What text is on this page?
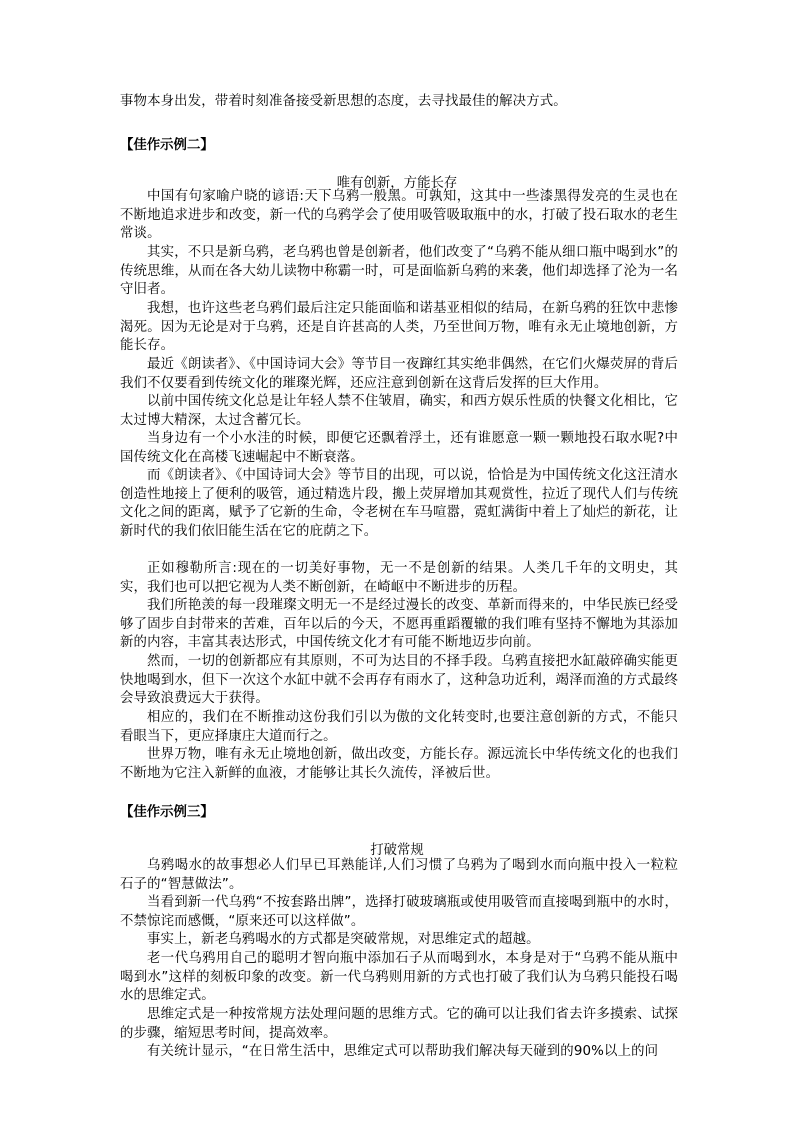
事物本身出发，带着时刻准备接受新思想的态度，去寻找最佳的解决方式。
【佳作示例二】
唯有创新，方能长存
中国有句家喻户晓的谚语:天下乌鸦一般黑。可孰知，这其中一些漆黑得发亮的生灵也在不断地追求进步和改变，新一代的乌鸦学会了使用吸管吸取瓶中的水，打破了投石取水的老生常谈。
其实，不只是新乌鸦，老乌鸦也曾是创新者，他们改变了“乌鸦不能从细口瓶中喝到水”的传统思维，从而在各大幼儿读物中称霸一时，可是面临新乌鸦的来袭，他们却选择了沦为一名守旧者。
我想，也许这些老乌鸦们最后注定只能面临和诺基亚相似的结局，在新乌鸦的狂饮中悲惨渴死。因为无论是对于乌鸦，还是自许甚高的人类，乃至世间万物，唯有永无止境地创新，方能长存。
最近《朗读者》、《中国诗词大会》等节目一夜蹿红其实绝非偶然，在它们火爆荧屏的背后我们不仅要看到传统文化的璀璨光辉，还应注意到创新在这背后发挥的巨大作用。
以前中国传统文化总是让年轻人禁不住皱眉，确实，和西方娱乐性质的快餐文化相比，它太过博大精深，太过含蓄冗长。
当身边有一个小水洼的时候，即便它还飘着浮土，还有谁愿意一颗一颗地投石取水呢?中国传统文化在高楼飞速崛起中不断衰落。
而《朗读者》、《中国诗词大会》等节目的出现，可以说，恰恰是为中国传统文化这汪清水创造性地接上了便利的吸管，通过精选片段，搬上荧屏增加其观赏性，拉近了现代人们与传统文化之间的距离，赋予了它新的生命，令老树在车马喧嚣，霓虹满街中着上了灿烂的新花，让新时代的我们依旧能生活在它的庇荫之下。
正如穆勒所言:现在的一切美好事物，无一不是创新的结果。人类几千年的文明史，其实，我们也可以把它视为人类不断创新，在崎岖中不断进步的历程。
我们所艳羡的每一段璀璨文明无一不是经过漫长的改变、革新而得来的，中华民族已经受够了固步自封带来的苦难，百年以后的今天，不愿再重蹈覆辙的我们唯有坚持不懈地为其添加新的内容，丰富其表达形式，中国传统文化才有可能不断地迈步向前。
然而，一切的创新都应有其原则，不可为达目的不择手段。乌鸦直接把水缸敲碎确实能更快地喝到水，但下一次这个水缸中就不会再存有雨水了，这种急功近利，竭泽而渔的方式最终会导致浪费远大于获得。
相应的，我们在不断推动这份我们引以为傲的文化转变时,也要注意创新的方式，不能只看眼当下，更应择康庄大道而行之。
世界万物，唯有永无止境地创新，做出改变，方能长存。源远流长中华传统文化的也我们不断地为它注入新鲜的血液，才能够让其长久流传，泽被后世。
【佳作示例三】
打破常规
乌鸦喝水的故事想必人们早已耳熟能详,人们习惯了乌鸦为了喝到水而向瓶中投入一粒粒石子的“智慧做法”。
当看到新一代乌鸦“不按套路出牌”，选择打破玻璃瓶或使用吸管而直接喝到瓶中的水时，不禁惊诧而感慨，“原来还可以这样做”。
事实上，新老乌鸦喝水的方式都是突破常规，对思维定式的超越。
老一代乌鸦用自己的聪明才智向瓶中添加石子从而喝到水，本身是对于“乌鸦不能从瓶中喝到水”这样的刻板印象的改变。新一代乌鸦则用新的方式也打破了我们认为乌鸦只能投石喝水的思维定式。
思维定式是一种按常规方法处理问题的思维方式。它的确可以让我们省去许多摸索、试探的步骤，缩短思考时间，提高效率。
有关统计显示，“在日常生活中，思维定式可以帮助我们解决每天碰到的90%以上的问
